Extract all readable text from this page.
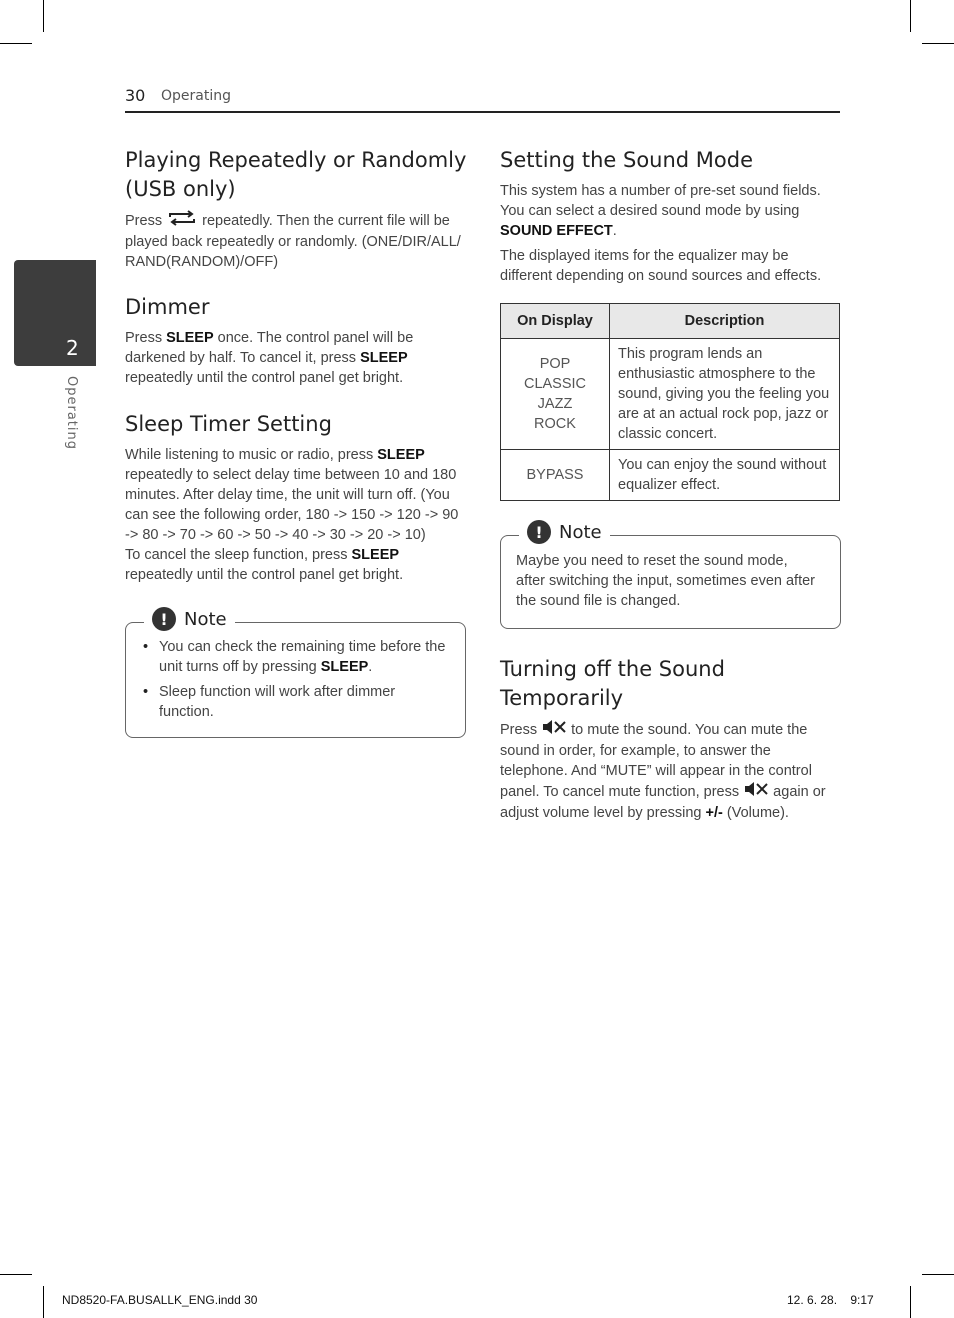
30 Operating
2
Operating
Playing Repeatedly or Randomly (USB only)

Press	repeatedly. Then the current file will be played back repeatedly or randomly. (ONE/DIR/ALL/ RAND(RANDOM)/OFF)

Dimmer

Press SLEEP once. The control panel will be darkened by half. To cancel it, press SLEEP repeatedly until the control panel get bright.

Sleep Timer Setting

While listening to music or radio, press SLEEP repeatedly to select delay time between 10 and 180 minutes. After delay time, the unit will turn off. (You can see the following order, 180 -> 150 -> 120 -> 90 -> 80 -> 70 -> 60 -> 50 -> 40 -> 30 -> 20 -> 10)

To cancel the sleep function, press SLEEP repeatedly until the control panel get bright.

! Note
• You can check the remaining time before the unit turns off by pressing SLEEP.
• Sleep function will work after dimmer function.
Setting the Sound Mode

This system has a number of pre-set sound fields. You can select a desired sound mode by using SOUND EFFECT.

The displayed items for the equalizer may be different depending on sound sources and effects.

On Display	Description

POP
CLASSIC
JAZZ
ROCK	This program lends an enthusiastic atmosphere to the sound, giving you the feeling you are at an actual rock pop, jazz or classic concert.

BYPASS	You can enjoy the sound without equalizer effect.
! Note

Maybe you need to reset the sound mode, after switching the input, sometimes even after the sound file is changed.

Turning off the Sound Temporarily

Press  to mute the sound. You can mute the sound in order, for example, to answer the telephone. And “MUTE” will appear in the control panel. To cancel mute function, press  again or adjust volume level by pressing +/- (Volume).

ND8520-FA.BUSALLK_ENG.indd 30	12. 6. 28.    9:17
